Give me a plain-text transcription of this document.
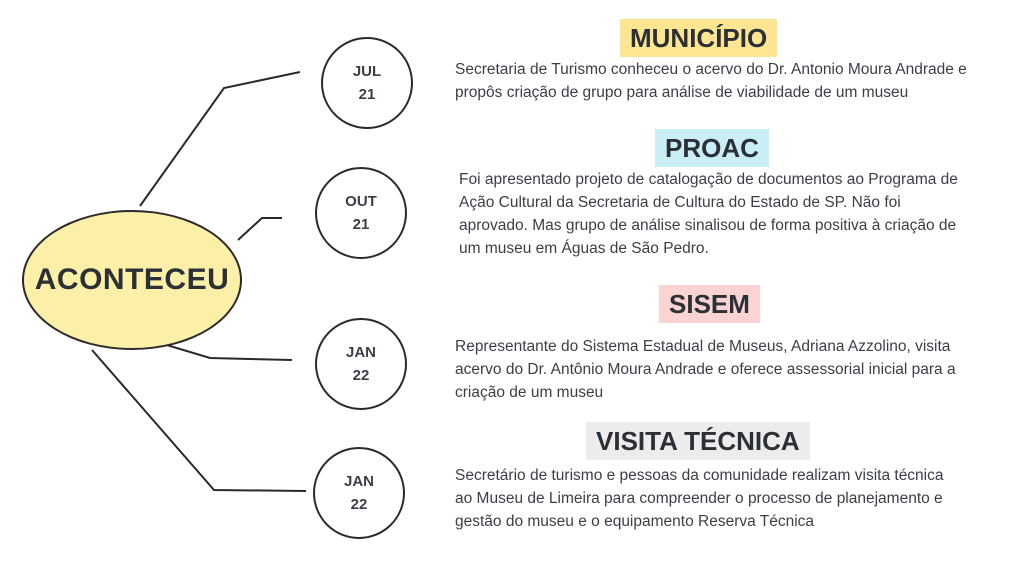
ACONTECEU
JUL
21
MUNICÍPIO

Secretaria de Turismo conheceu o acervo do Dr. Antonio Moura Andrade e propôs criação de grupo para análise de viabilidade de um museu

OUT
21
PROAC

Foi apresentado projeto de catalogação de documentos ao Programa de Ação Cultural da Secretaria de Cultura do Estado de SP. Não foi aprovado. Mas grupo de análise sinalisou de forma positiva à criação de um museu em Águas de São Pedro.

JAN
22
SISEM

Representante do Sistema Estadual de Museus, Adriana Azzolino, visita acervo do Dr. Antônio Moura Andrade e oferece assessorial inicial para a criação de um museu

JAN
22
VISITA TÉCNICA

Secretário de turismo e pessoas da comunidade realizam visita técnica ao Museu de Limeira para compreender o processo de planejamento e gestão do museu e o equipamento Reserva Técnica
